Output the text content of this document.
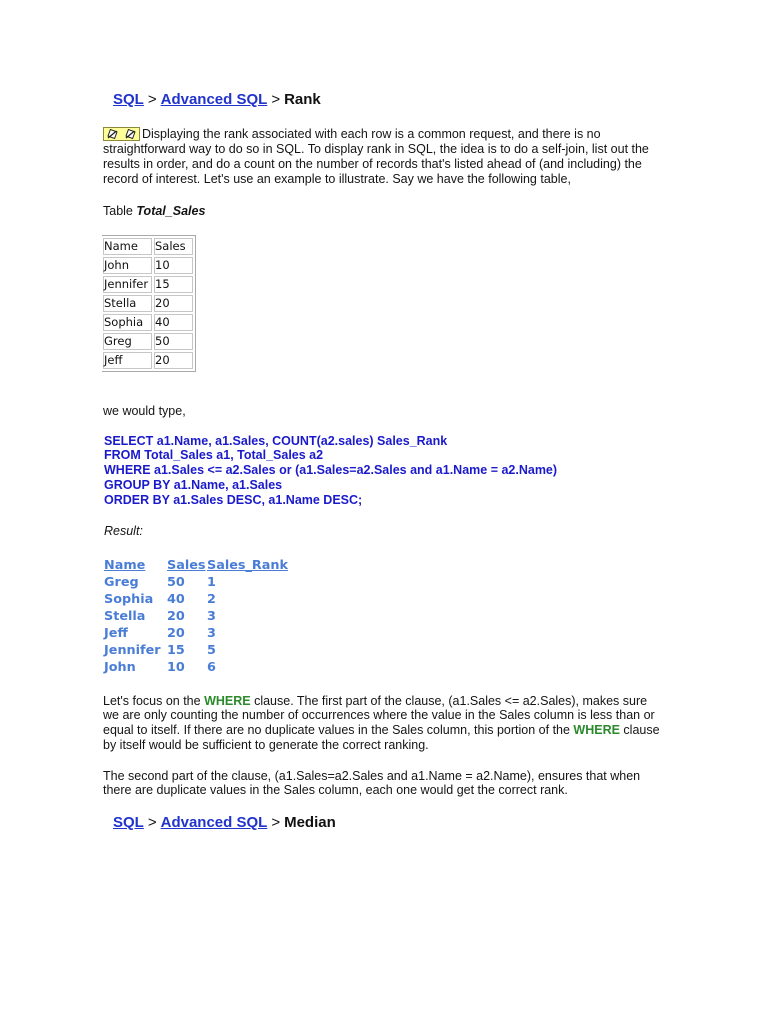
SQL > Advanced SQL > Rank
Displaying the rank associated with each row is a common request, and there is no
straightforward way to do so in SQL. To display rank in SQL, the idea is to do a self-join, list out the
results in order, and do a count on the number of records that's listed ahead of (and including) the
record of interest. Let's use an example to illustrate. Say we have the following table,
Table Total_Sales
Name	Sales
John	10
Jennifer	15
Stella	20
Sophia	40
Greg	50
Jeff	20
we would type,
SELECT a1.Name, a1.Sales, COUNT(a2.sales) Sales_Rank
FROM Total_Sales a1, Total_Sales a2
WHERE a1.Sales <= a2.Sales or (a1.Sales=a2.Sales and a1.Name = a2.Name)
GROUP BY a1.Name, a1.Sales
ORDER BY a1.Sales DESC, a1.Name DESC;
Result:
Name Sales Sales_Rank
Greg 50 1
Sophia 40 2
Stella 20 3
Jeff	20 3
Jennifer 15 5
John 10 6
Let's focus on the WHERE clause. The first part of the clause, (a1.Sales <= a2.Sales), makes sure
we are only counting the number of occurrences where the value in the Sales column is less than or
equal to itself. If there are no duplicate values in the Sales column, this portion of the WHERE clause
by itself would be sufficient to generate the correct ranking.
The second part of the clause, (a1.Sales=a2.Sales and a1.Name = a2.Name), ensures that when
there are duplicate values in the Sales column, each one would get the correct rank.
SQL > Advanced SQL > Median
